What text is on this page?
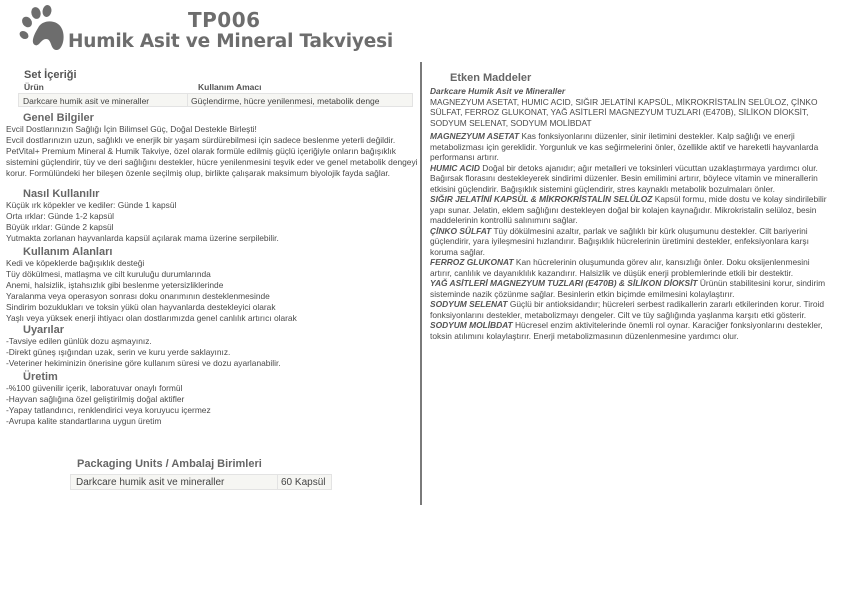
TP006
Humik Asit ve Mineral Takviyesi
Set İçeriği
Ürün	Kullanım Amacı
Darkcare humik asit ve mineraller	Güçlendirme, hücre yenilenmesi, metabolik denge
Genel Bilgiler

Evcil Dostlarınızın Sağlığı İçin Bilimsel Güç, Doğal Destekle Birleşti!

Evcil dostlarınızın uzun, sağlıklı ve enerjik bir yaşam sürdürebilmesi için sadece beslenme yeterli değildir. PetVital+ Premium Mineral & Humik Takviye, özel olarak formüle edilmiş güçlü içeriğiyle onların bağışıklık sistemini güçlendirir, tüy ve deri sağlığını destekler, hücre yenilenmesini teşvik eder ve genel metabolik dengeyi korur. Formülündeki her bileşen özenle seçilmiş olup, birlikte çalışarak maksimum biyolojik fayda sağlar.

Nasıl Kullanılır
Küçük ırk köpekler ve kediler: Günde 1 kapsül
Orta ırklar: Günde 1-2 kapsül
Büyük ırklar: Günde 2 kapsül
Yutmakta zorlanan hayvanlarda kapsül açılarak mama üzerine serpilebilir.
Kullanım Alanları
Kedi ve köpeklerde bağışıklık desteği
Tüy dökülmesi, matlaşma ve cilt kuruluğu durumlarında
Anemi, halsizlik, iştahsızlık gibi beslenme yetersizliklerinde
Yaralanma veya operasyon sonrası doku onarımının desteklenmesinde
Sindirim bozuklukları ve toksin yükü olan hayvanlarda destekleyici olarak
Yaşlı veya yüksek enerji ihtiyacı olan dostlarımızda genel canlılık artırıcı olarak
Uyarılar
-Tavsiye edilen günlük dozu aşmayınız.
-Direkt güneş ışığından uzak, serin ve kuru yerde saklayınız.
-Veteriner hekiminizin önerisine göre kullanım süresi ve dozu ayarlanabilir.
Üretim
-%100 güvenilir içerik, laboratuvar onaylı formül
-Hayvan sağlığına özel geliştirilmiş doğal aktifler
-Yapay tatlandırıcı, renklendirici veya koruyucu içermez
-Avrupa kalite standartlarına uygun üretim
Packaging Units / Ambalaj Birimleri
Darkcare humik asit ve mineraller	60 Kapsül
Etken Maddeler
Darkcare Humik Asit ve Mineraller
MAGNEZYUM ASETAT, HUMIC ACID, SIĞIR JELATİNİ KAPSÜL, MİKROKRİSTALİN SELÜLOZ, ÇİNKO SÜLFAT, FERROZ GLUKONAT, YAĞ ASİTLERİ MAGNEZYUM TUZLARI (E470B), SİLİKON DİOKSİT, SODYUM SELENAT, SODYUM MOLİBDAT
MAGNEZYUM ASETAT Kas fonksiyonlarını düzenler, sinir iletimini destekler. Kalp sağlığı ve enerji metabolizması için gereklidir. Yorgunluk ve kas seğirmelerini önler, özellikle aktif ve hareketli hayvanlarda performansı artırır.
HUMIC ACID Doğal bir detoks ajanıdır; ağır metalleri ve toksinleri vücuttan uzaklaştırmaya yardımcı olur. Bağırsak florasını destekleyerek sindirimi düzenler. Besin emilimini artırır, böylece vitamin ve minerallerin etkisini güçlendirir. Bağışıklık sistemini güçlendirir, stres kaynaklı metabolik bozulmaları önler.
SIĞIR JELATİNİ KAPSÜL & MİKROKRİSTALİN SELÜLOZ Kapsül formu, mide dostu ve kolay sindirilebilir yapı sunar. Jelatin, eklem sağlığını destekleyen doğal bir kolajen kaynağıdır. Mikrokristalin selüloz, besin maddelerinin kontrollü salınımını sağlar.
ÇİNKO SÜLFAT Tüy dökülmesini azaltır, parlak ve sağlıklı bir kürk oluşumunu destekler. Cilt bariyerini güçlendirir, yara iyileşmesini hızlandırır. Bağışıklık hücrelerinin üretimini destekler, enfeksiyonlara karşı koruma sağlar.
FERROZ GLUKONAT Kan hücrelerinin oluşumunda görev alır, kansızlığı önler. Doku oksijenlenmesini artırır, canlılık ve dayanıklılık kazandırır. Halsizlik ve düşük enerji problemlerinde etkili bir destektir.
YAĞ ASİTLERİ MAGNEZYUM TUZLARI (E470B) & SİLİKON DİOKSİT Ürünün stabilitesini korur, sindirim sisteminde nazik çözünme sağlar. Besinlerin etkin biçimde emilmesini kolaylaştırır.
SODYUM SELENAT Güçlü bir antioksidandır; hücreleri serbest radikallerin zararlı etkilerinden korur. Tiroid fonksiyonlarını destekler, metabolizmayı dengeler. Cilt ve tüy sağlığında yaşlanma karşıtı etki gösterir.
SODYUM MOLİBDAT Hücresel enzim aktivitelerinde önemli rol oynar. Karaciğer fonksiyonlarını destekler, toksin atılımını kolaylaştırır. Enerji metabolizmasının düzenlenmesine yardımcı olur.
